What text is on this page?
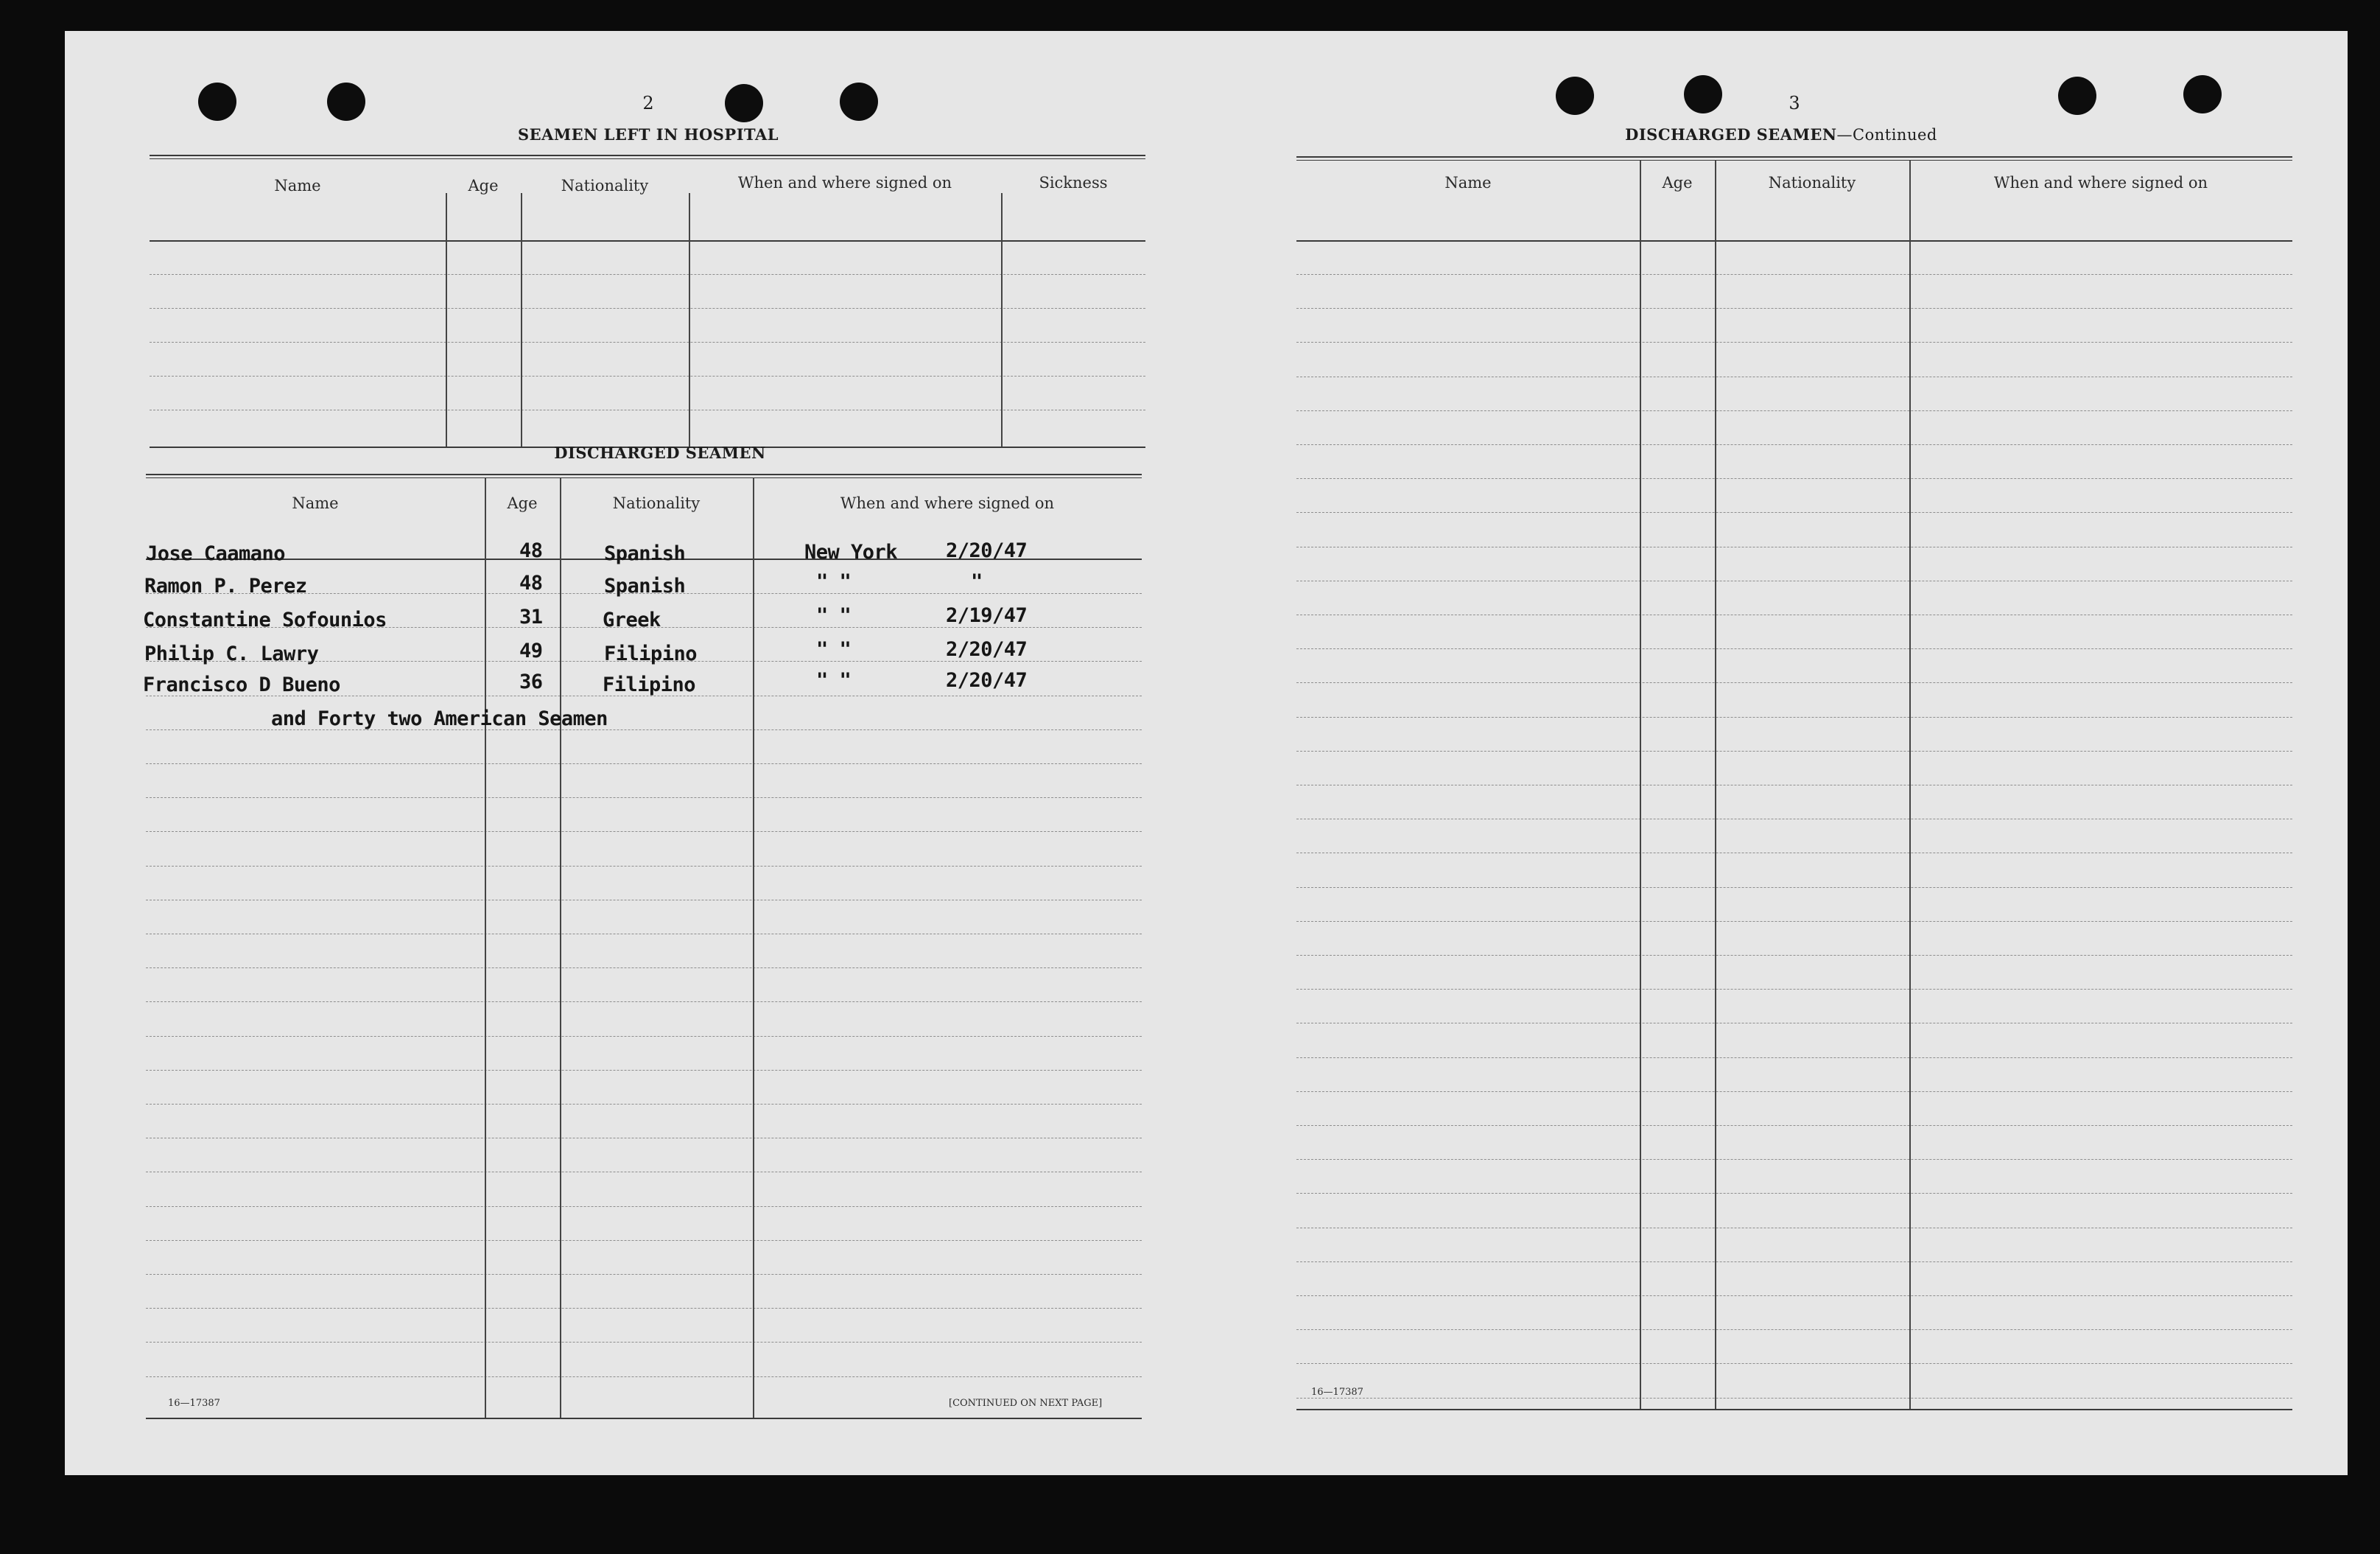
2
SEAMEN LEFT IN HOSPITAL
Name	Age	Nationality	When and where signed on	Sickness
DISCHARGED SEAMEN
Name	Age	Nationality	When and where signed on
Jose Caamano	48	Spanish	New York 2/20/47
Ramon P. Perez	48	Spanish	" "	"
Constantine Sofounios	31	Greek	" "	2/19/47
Philip C. Lawry	49	Filipino	" "	2/20/47
Francisco D Bueno	36	Filipino	" "	2/20/47
and Forty two American Seamen
16—17387	[CONTINUED ON NEXT PAGE]
3
DISCHARGED SEAMEN—Continued
Name	Age	Nationality	When and where signed on
16—17387
